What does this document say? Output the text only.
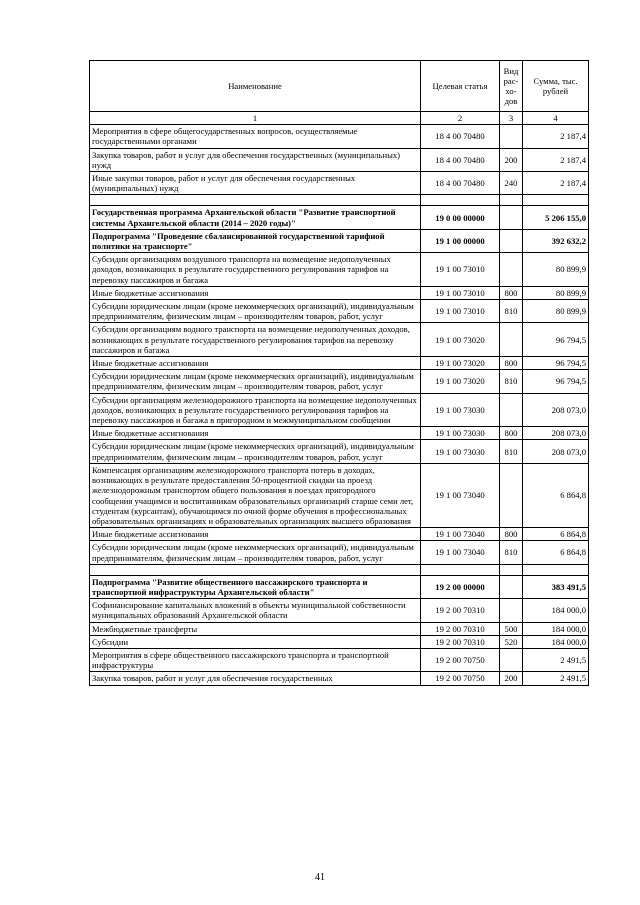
Наименование	Целевая статья	Вид рас-хо-дов	Сумма, тыс. рублей
1	2	3	4
Мероприятия в сфере общегосударственных вопросов, осуществляемые государственными органами	18 4 00 70480		2 187,4
Закупка товаров, работ и услуг для обеспечения государственных (муниципальных) нужд	18 4 00 70480	200	2 187,4
Иные закупки товаров, работ и услуг для обеспечения государственных (муниципальных) нужд	18 4 00 70480	240	2 187,4

Государственная программа Архангельской области "Развитие транспортной системы Архангельской области (2014 – 2020 годы)"	19 0 00 00000		5 206 155,0
Подпрограмма "Проведение сбалансированной государственной тарифной политики на транспорте"	19 1 00 00000		392 632,2
Субсидии организациям воздушного транспорта на возмещение недополученных доходов, возникающих в результате государственного регулирования тарифов на перевозку пассажиров и багажа	19 1 00 73010		80 899,9
Иные бюджетные ассигнования	19 1 00 73010	800	80 899,9
Субсидии юридическим лицам (кроме некоммерческих организаций), индивидуальным предпринимателям, физическим лицам – производителям товаров, работ, услуг	19 1 00 73010	810	80 899,9
Субсидии организациям водного транспорта на возмещение недополученных доходов, возникающих в результате государственного регулирования тарифов на перевозку пассажиров и багажа	19 1 00 73020		96 794,5
Иные бюджетные ассигнования	19 1 00 73020	800	96 794,5
Субсидии юридическим лицам (кроме некоммерческих организаций), индивидуальным предпринимателям, физическим лицам – производителям товаров, работ, услуг	19 1 00 73020	810	96 794,5
Субсидии организациям железнодорожного транспорта на возмещение недополученных доходов, возникающих в результате государственного регулирования тарифов на перевозку пассажиров и багажа в пригородном и межмуниципальном сообщении	19 1 00 73030		208 073,0
Иные бюджетные ассигнования	19 1 00 73030	800	208 073,0
Субсидии юридическим лицам (кроме некоммерческих организаций), индивидуальным предпринимателям, физическим лицам – производителям товаров, работ, услуг	19 1 00 73030	810	208 073,0
Компенсация организациям железнодорожного транспорта потерь в доходах, возникающих в результате предоставления 50-процентной скидки на проезд железнодорожным транспортом общего пользования в поездах пригородного сообщения учащимся и воспитанникам образовательных организаций старше семи лет, студентам (курсантам), обучающимся по очной форме обучения в профессиональных образовательных организациях и образовательных организациях высшего образования	19 1 00 73040		6 864,8
Иные бюджетные ассигнования	19 1 00 73040	800	6 864,8
Субсидии юридическим лицам (кроме некоммерческих организаций), индивидуальным предпринимателям, физическим лицам – производителям товаров, работ, услуг	19 1 00 73040	810	6 864,8

Подпрограмма "Развитие общественного пассажирского транспорта и транспортной инфраструктуры Архангельской области"	19 2 00 00000		383 491,5
Софинансирование капитальных вложений в объекты муниципальной собственности муниципальных образований Архангельской области	19 2 00 70310		184 000,0
Межбюджетные трансферты	19 2 00 70310	500	184 000,0
Субсидии	19 2 00 70310	520	184 000,0
Мероприятия в сфере общественного пассажирского транспорта и транспортной инфраструктуры	19 2 00 70750		2 491,5
Закупка товаров, работ и услуг для обеспечения государственных	19 2 00 70750	200	2 491,5
41
